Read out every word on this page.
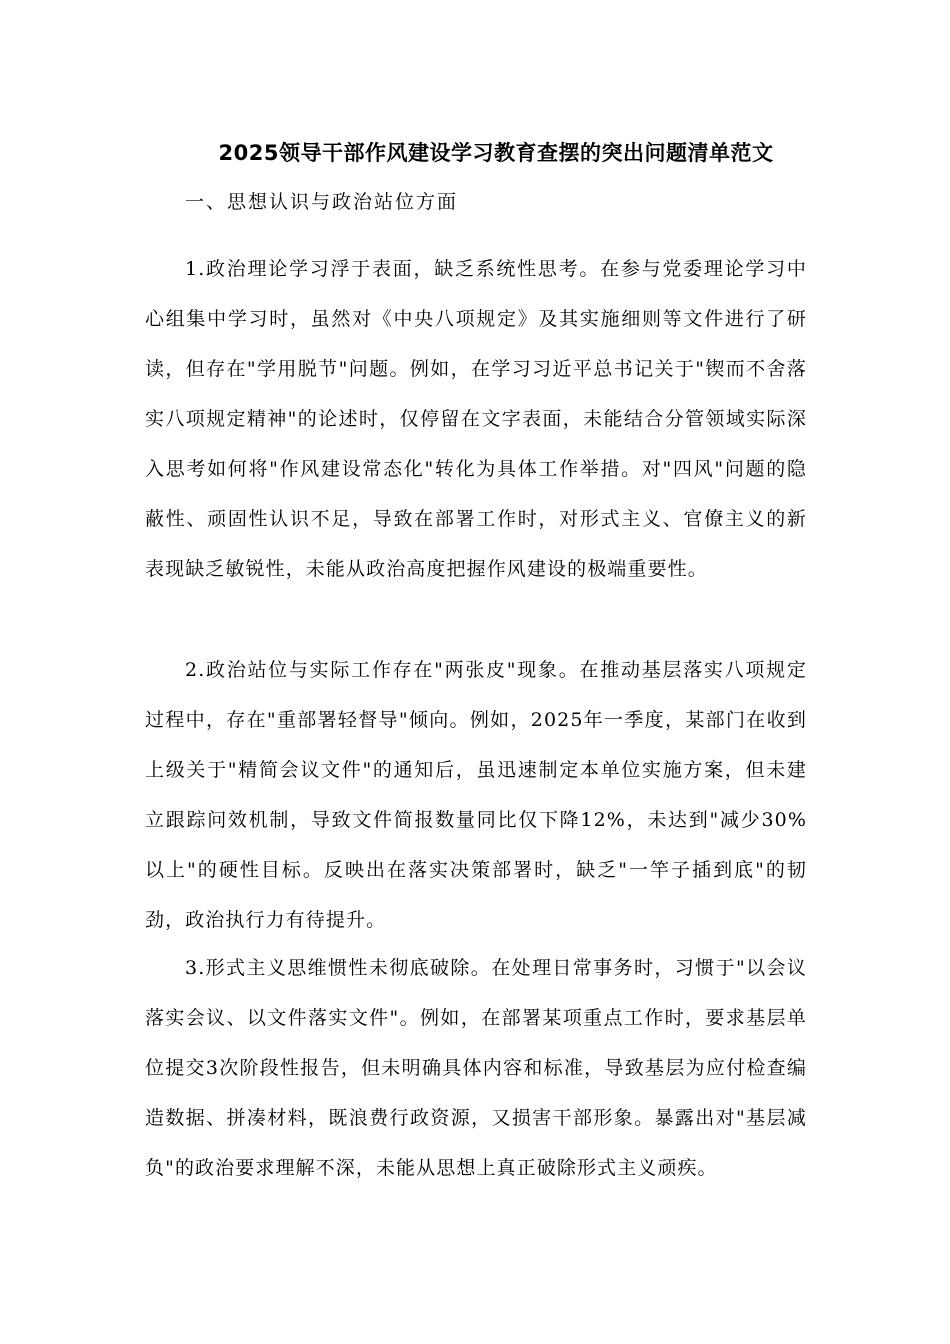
2025领导干部作风建设学习教育查摆的突出问题清单范文
一、思想认识与政治站位方面

1.政治理论学习浮于表面，缺乏系统性思考。在参与党委理论学习中心组集中学习时，虽然对《中央八项规定》及其实施细则等文件进行了研读，但存在"学用脱节"问题。例如，在学习习近平总书记关于"锲而不舍落实八项规定精神"的论述时，仅停留在文字表面，未能结合分管领域实际深入思考如何将"作风建设常态化"转化为具体工作举措。对"四风"问题的隐蔽性、顽固性认识不足，导致在部署工作时，对形式主义、官僚主义的新表现缺乏敏锐性，未能从政治高度把握作风建设的极端重要性。

2.政治站位与实际工作存在"两张皮"现象。在推动基层落实八项规定过程中，存在"重部署轻督导"倾向。例如，2025年一季度，某部门在收到上级关于"精简会议文件"的通知后，虽迅速制定本单位实施方案，但未建立跟踪问效机制，导致文件简报数量同比仅下降12%，未达到"减少30%以上"的硬性目标。反映出在落实决策部署时，缺乏"一竿子插到底"的韧劲，政治执行力有待提升。

3.形式主义思维惯性未彻底破除。在处理日常事务时，习惯于"以会议落实会议、以文件落实文件"。例如，在部署某项重点工作时，要求基层单位提交3次阶段性报告，但未明确具体内容和标准，导致基层为应付检查编造数据、拼凑材料，既浪费行政资源，又损害干部形象。暴露出对"基层减负"的政治要求理解不深，未能从思想上真正破除形式主义顽疾。
